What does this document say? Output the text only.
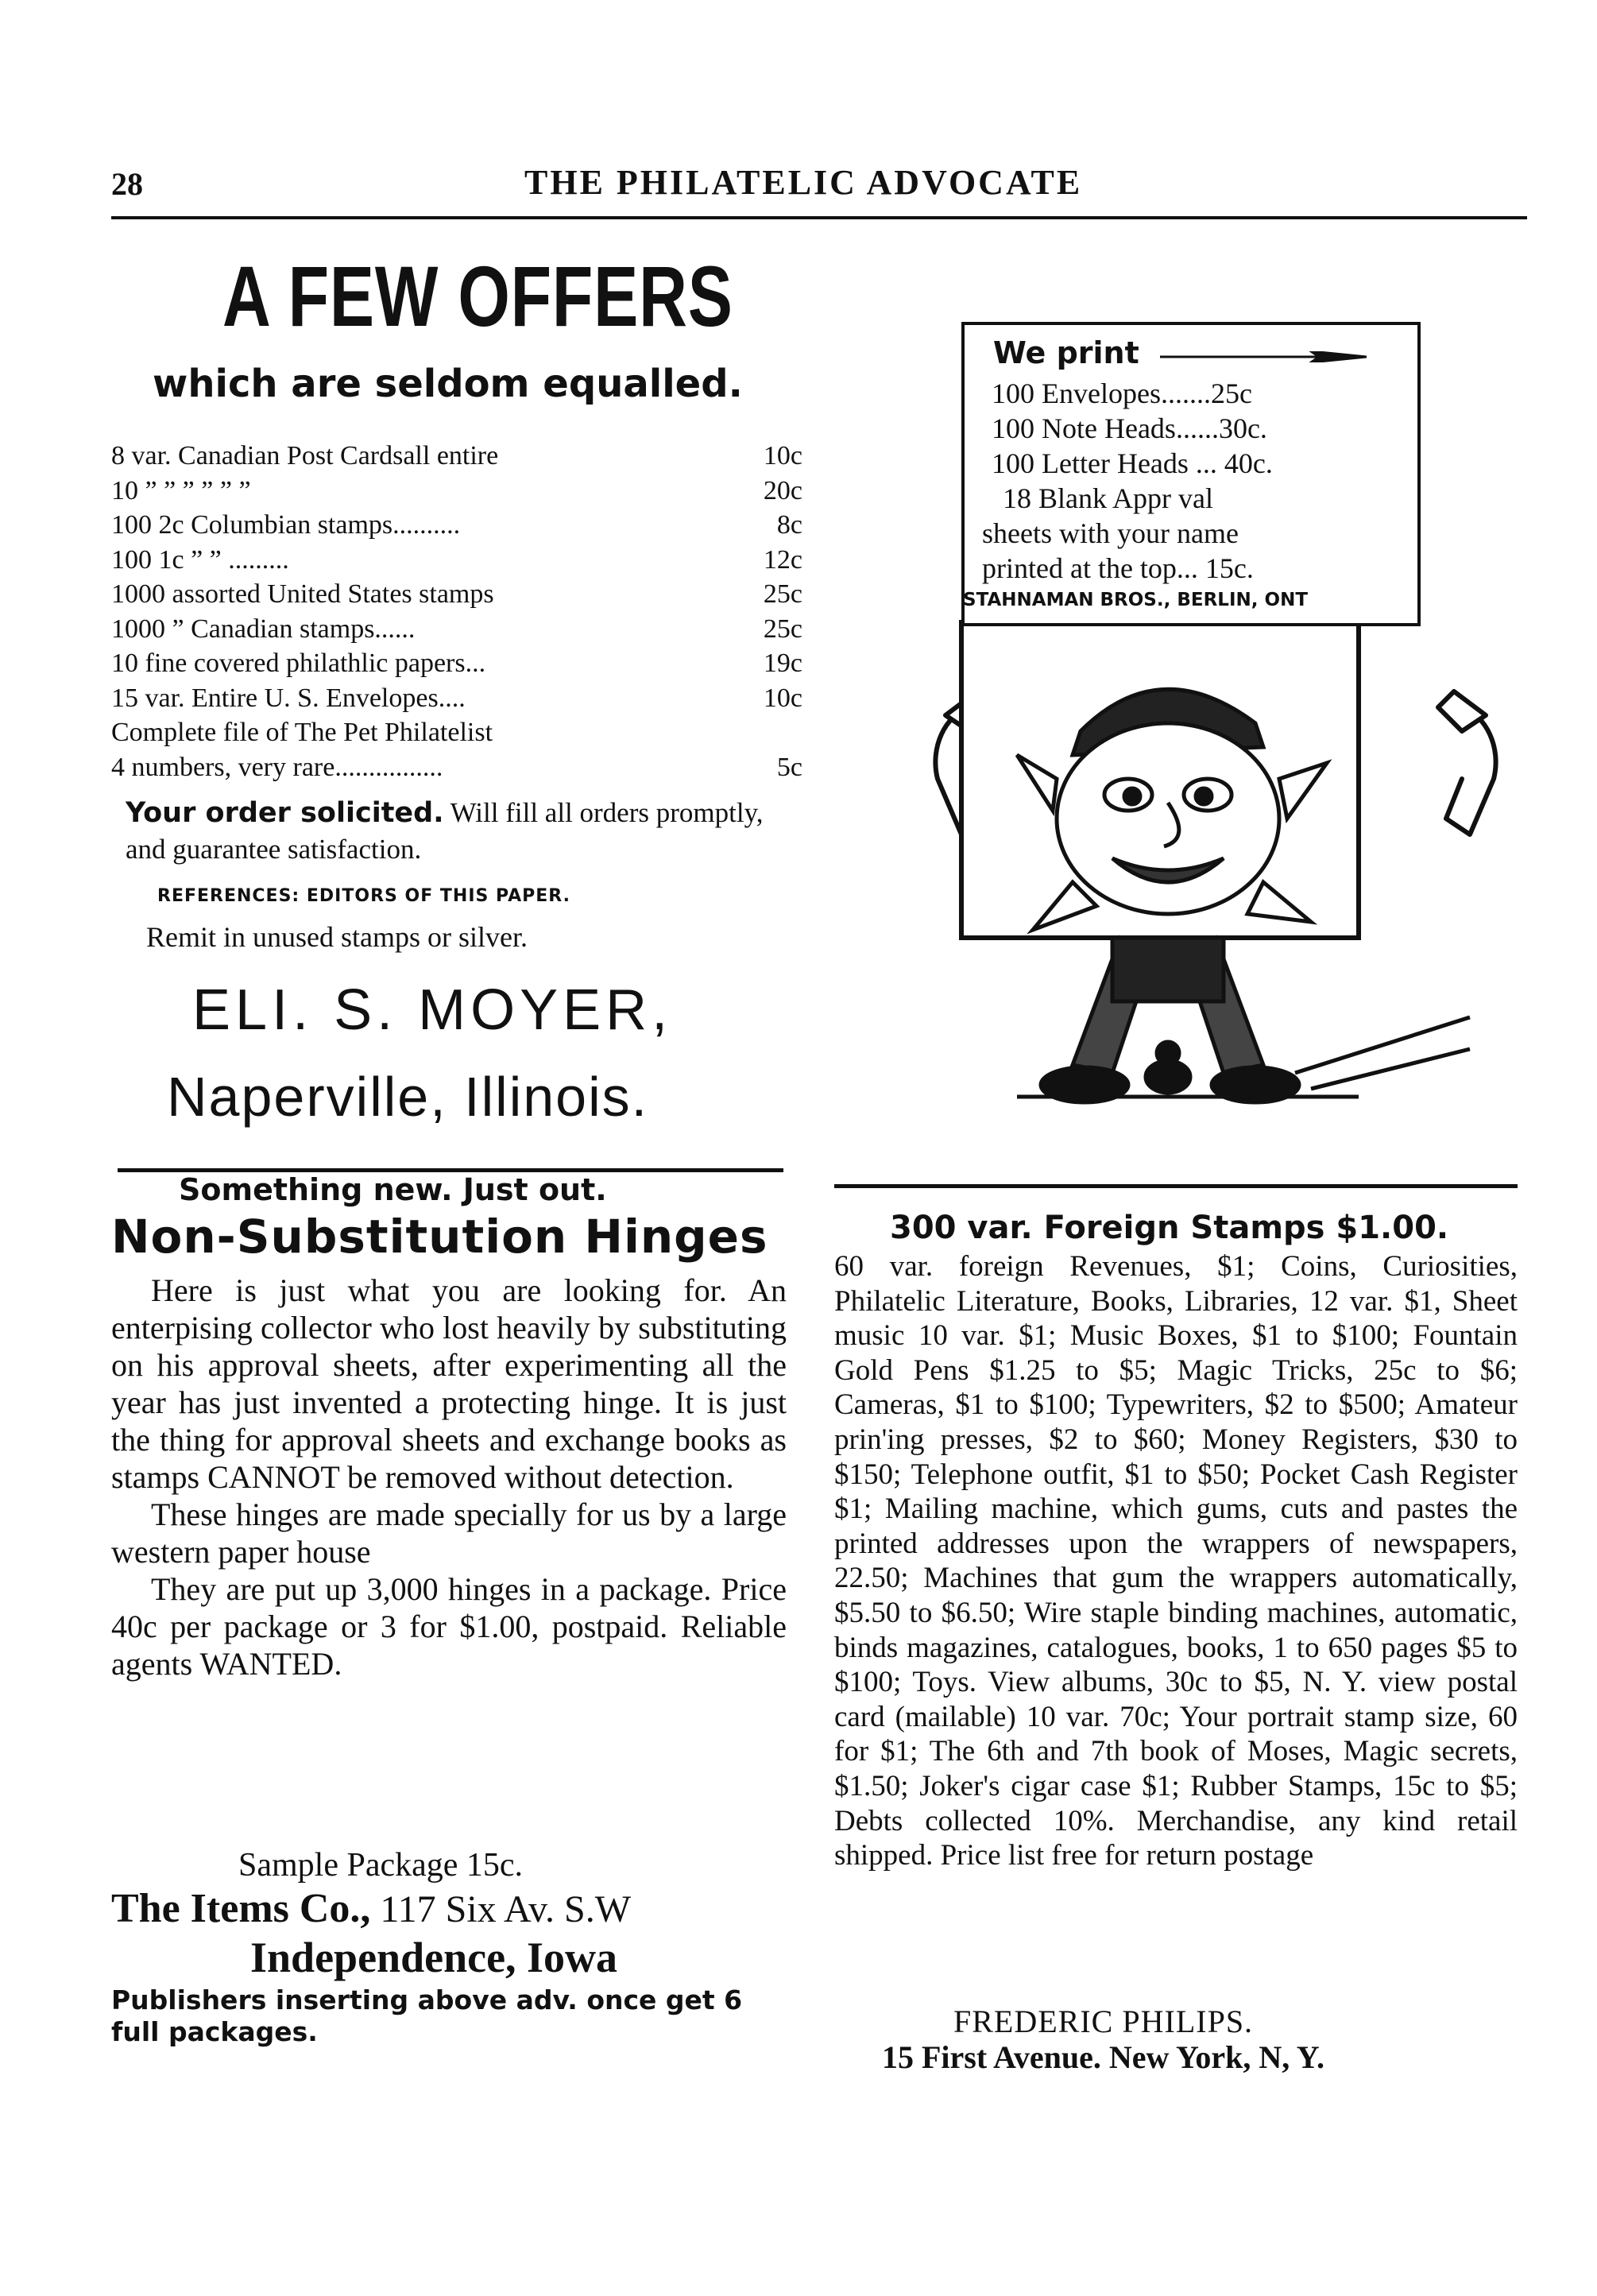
28	THE PHILATELIC ADVOCATE
A FEW OFFERS
which are seldom equalled.
8 var. Canadian Post Cardsall entire	10c
10 ” ” ” ” ” ”	20c
100 2c Columbian stamps..........	8c
100 1c ” ” .........	12c
1000 assorted United States stamps	25c
1000 ” Canadian stamps......	25c
10 fine covered philathlic papers...	19c
15 var. Entire U. S. Envelopes....	10c
Complete file of The Pet Philatelist
4 numbers, very rare................	5c
Your order solicited. Will fill all orders promptly, and guarantee satisfaction.
REFERENCES: EDITORS OF THIS PAPER.
Remit in unused stamps or silver.
ELI. S. MOYER,
Naperville, Illinois.
We print
100 Envelopes.......25c
100 Note Heads......30c.
100 Letter Heads ... 40c.
18 Blank Appr val
sheets with your name
printed at the top... 15c.
STAHNAMAN BROS., BERLIN, ONT
Something new. Just out.
Non-Substitution Hinges

Here is just what you are looking for. An enterpising collector who lost heavily by substituting on his approval sheets, after experimenting all the year has just invented a protecting hinge. It is just the thing for approval sheets and exchange books as stamps CANNOT be removed without detection.

These hinges are made specially for us by a large western paper house

They are put up 3,000 hinges in a package. Price 40c per package or 3 for $1.00, postpaid. Reliable agents WANTED.

Sample Package 15c.
The Items Co., 117 Six Av. S.W
Independence, Iowa
Publishers inserting above adv. once get 6 full packages.
300 var. Foreign Stamps $1.00.

60 var. foreign Revenues, $1; Coins, Curiosities, Philatelic Literature, Books, Libraries, 12 var. $1, Sheet music 10 var. $1; Music Boxes, $1 to $100; Fountain Gold Pens $1.25 to $5; Magic Tricks, 25c to $6; Cameras, $1 to $100; Typewriters, $2 to $500; Amateur prin'ing presses, $2 to $60; Money Registers, $30 to $150; Telephone outfit, $1 to $50; Pocket Cash Register $1; Mailing machine, which gums, cuts and pastes the printed addresses upon the wrappers of newspapers, 22.50; Machines that gum the wrappers automatically, $5.50 to $6.50; Wire staple binding machines, automatic, binds magazines, catalogues, books, 1 to 650 pages $5 to $100; Toys. View albums, 30c to $5, N. Y. view postal card (mailable) 10 var. 70c; Your portrait stamp size, 60 for $1; The 6th and 7th book of Moses, Magic secrets, $1.50; Joker's cigar case $1; Rubber Stamps, 15c to $5; Debts collected 10%. Merchandise, any kind retail shipped. Price list free for return postage

FREDERIC PHILIPS.
15 First Avenue. New York, N, Y.
